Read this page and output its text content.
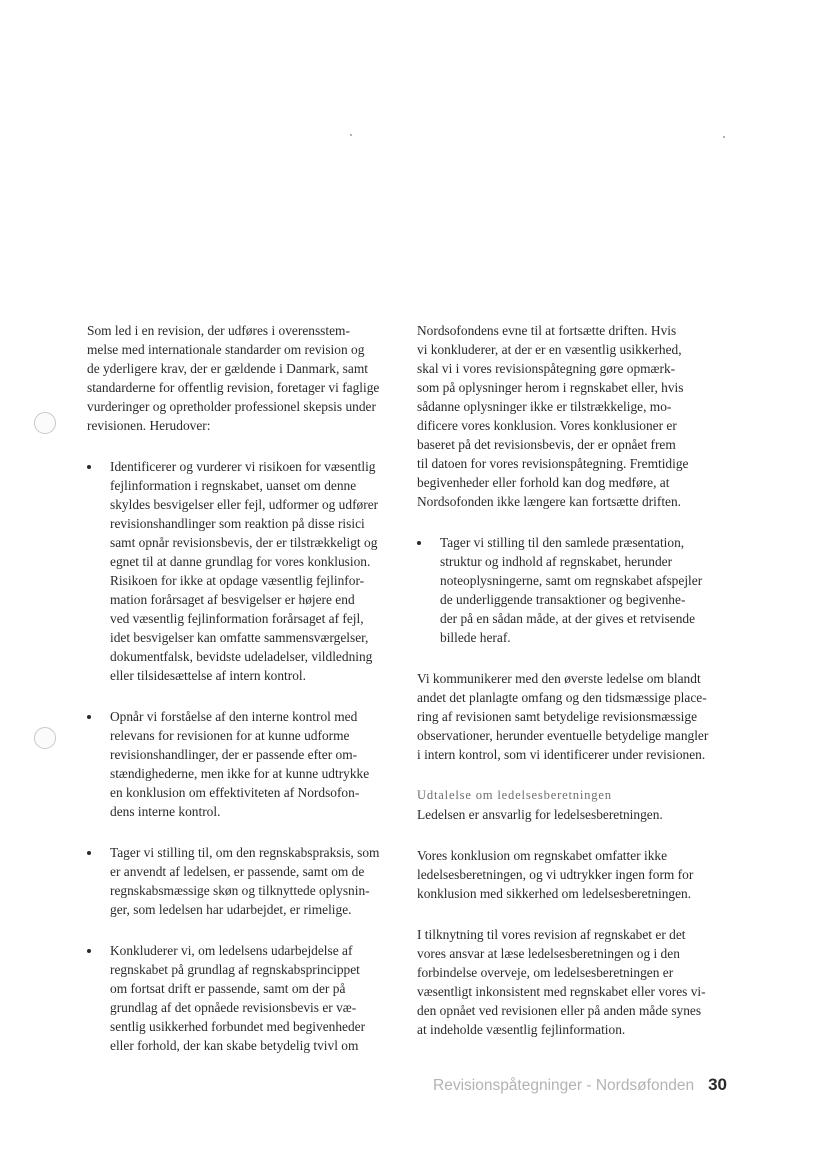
Som led i en revision, der udføres i overensstem-
melse med internationale standarder om revision og
de yderligere krav, der er gældende i Danmark, samt
standarderne for offentlig revision, foretager vi faglige
vurderinger og opretholder professionel skepsis under
revisionen. Herudover:

Identificerer og vurderer vi risikoen for væsentlig
fejlinformation i regnskabet, uanset om denne
skyldes besvigelser eller fejl, udformer og udfører
revisionshandlinger som reaktion på disse risici
samt opnår revisionsbevis, der er tilstrækkeligt og
egnet til at danne grundlag for vores konklusion.
Risikoen for ikke at opdage væsentlig fejlinfor-
mation forårsaget af besvigelser er højere end
ved væsentlig fejlinformation forårsaget af fejl,
idet besvigelser kan omfatte sammensværgelser,
dokumentfalsk, bevidste udeladelser, vildledning
eller tilsidesættelse af intern kontrol.
Opnår vi forståelse af den interne kontrol med
relevans for revisionen for at kunne udforme
revisionshandlinger, der er passende efter om-
stændighederne, men ikke for at kunne udtrykke
en konklusion om effektiviteten af Nordsofon-
dens interne kontrol.
Tager vi stilling til, om den regnskabspraksis, som
er anvendt af ledelsen, er passende, samt om de
regnskabsmæssige skøn og tilknyttede oplysnin-
ger, som ledelsen har udarbejdet, er rimelige.
Konkluderer vi, om ledelsens udarbejdelse af
regnskabet på grundlag af regnskabsprincippet
om fortsat drift er passende, samt om der på
grundlag af det opnåede revisionsbevis er væ-
sentlig usikkerhed forbundet med begivenheder
eller forhold, der kan skabe betydelig tvivl om

Nordsofondens evne til at fortsætte driften. Hvis
vi konkluderer, at der er en væsentlig usikkerhed,
skal vi i vores revisionspåtegning gøre opmærk-
som på oplysninger herom i regnskabet eller, hvis
sådanne oplysninger ikke er tilstrækkelige, mo-
dificere vores konklusion. Vores konklusioner er
baseret på det revisionsbevis, der er opnået frem
til datoen for vores revisionspåtegning. Fremtidige
begivenheder eller forhold kan dog medføre, at
Nordsofonden ikke længere kan fortsætte driften.

Tager vi stilling til den samlede præsentation,
struktur og indhold af regnskabet, herunder
noteoplysningerne, samt om regnskabet afspejler
de underliggende transaktioner og begivenhe-
der på en sådan måde, at der gives et retvisende
billede heraf.

Vi kommunikerer med den øverste ledelse om blandt
andet det planlagte omfang og den tidsmæssige place-
ring af revisionen samt betydelige revisionsmæssige
observationer, herunder eventuelle betydelige mangler
i intern kontrol, som vi identificerer under revisionen.

Udtalelse om ledelsesberetningen
Ledelsen er ansvarlig for ledelsesberetningen.

Vores konklusion om regnskabet omfatter ikke
ledelsesberetningen, og vi udtrykker ingen form for
konklusion med sikkerhed om ledelsesberetningen.

I tilknytning til vores revision af regnskabet er det
vores ansvar at læse ledelsesberetningen og i den
forbindelse overveje, om ledelsesberetningen er
væsentligt inkonsistent med regnskabet eller vores vi-
den opnået ved revisionen eller på anden måde synes
at indeholde væsentlig fejlinformation.

Revisionspåtegninger - Nordsøfonden 30
